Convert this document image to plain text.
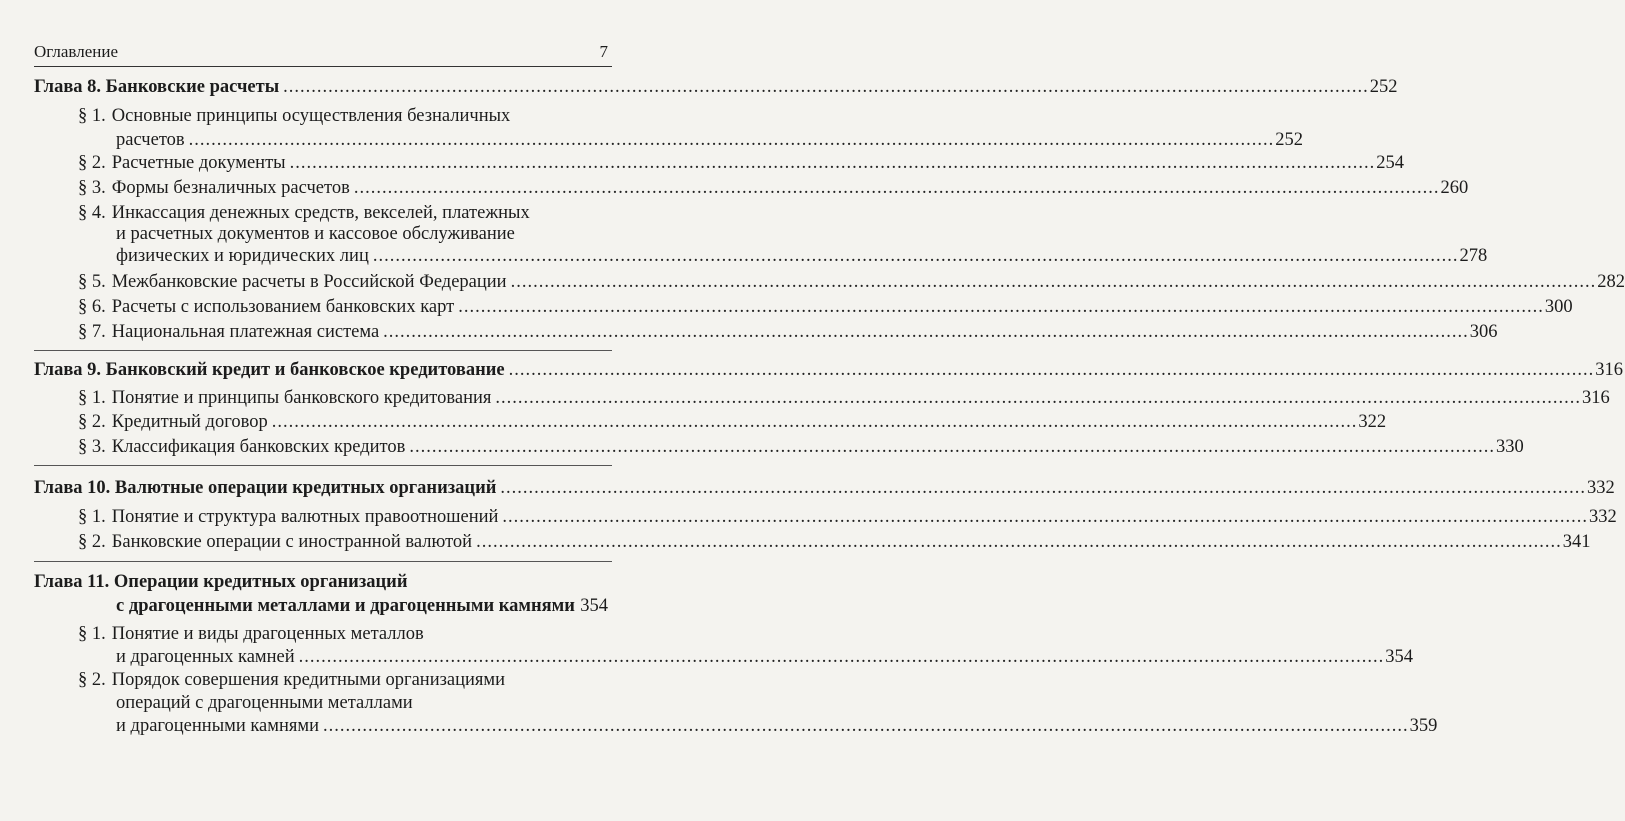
Оглавление	7
Глава 8. Банковские расчеты ................................................................................................................................................................................................. 252
§ 1. Основные принципы осуществления безналичных
расчетов ................................................................................................................................................................................................. 252
§ 2. Расчетные документы ................................................................................................................................................................................................. 254
§ 3. Формы безналичных расчетов ................................................................................................................................................................................................. 260
§ 4. Инкассация денежных средств, векселей, платежных
и расчетных документов и кассовое обслуживание
физических и юридических лиц ................................................................................................................................................................................................. 278
§ 5. Межбанковские расчеты в Российской Федерации ................................................................................................................................................................................................. 282
§ 6. Расчеты с использованием банковских карт ................................................................................................................................................................................................. 300
§ 7. Национальная платежная система ................................................................................................................................................................................................. 306
Глава 9. Банковский кредит и банковское кредитование ................................................................................................................................................................................................. 316
§ 1. Понятие и принципы банковского кредитования ................................................................................................................................................................................................. 316
§ 2. Кредитный договор ................................................................................................................................................................................................. 322
§ 3. Классификация банковских кредитов ................................................................................................................................................................................................. 330
Глава 10. Валютные операции кредитных организаций ................................................................................................................................................................................................. 332
§ 1. Понятие и структура валютных правоотношений ................................................................................................................................................................................................. 332
§ 2. Банковские операции с иностранной валютой ................................................................................................................................................................................................. 341
Глава 11. Операции кредитных организаций
с драгоценными металлами и драгоценными камнями 354
§ 1. Понятие и виды драгоценных металлов
и драгоценных камней ................................................................................................................................................................................................. 354
§ 2. Порядок совершения кредитными организациями
операций с драгоценными металлами
и драгоценными камнями ................................................................................................................................................................................................. 359
